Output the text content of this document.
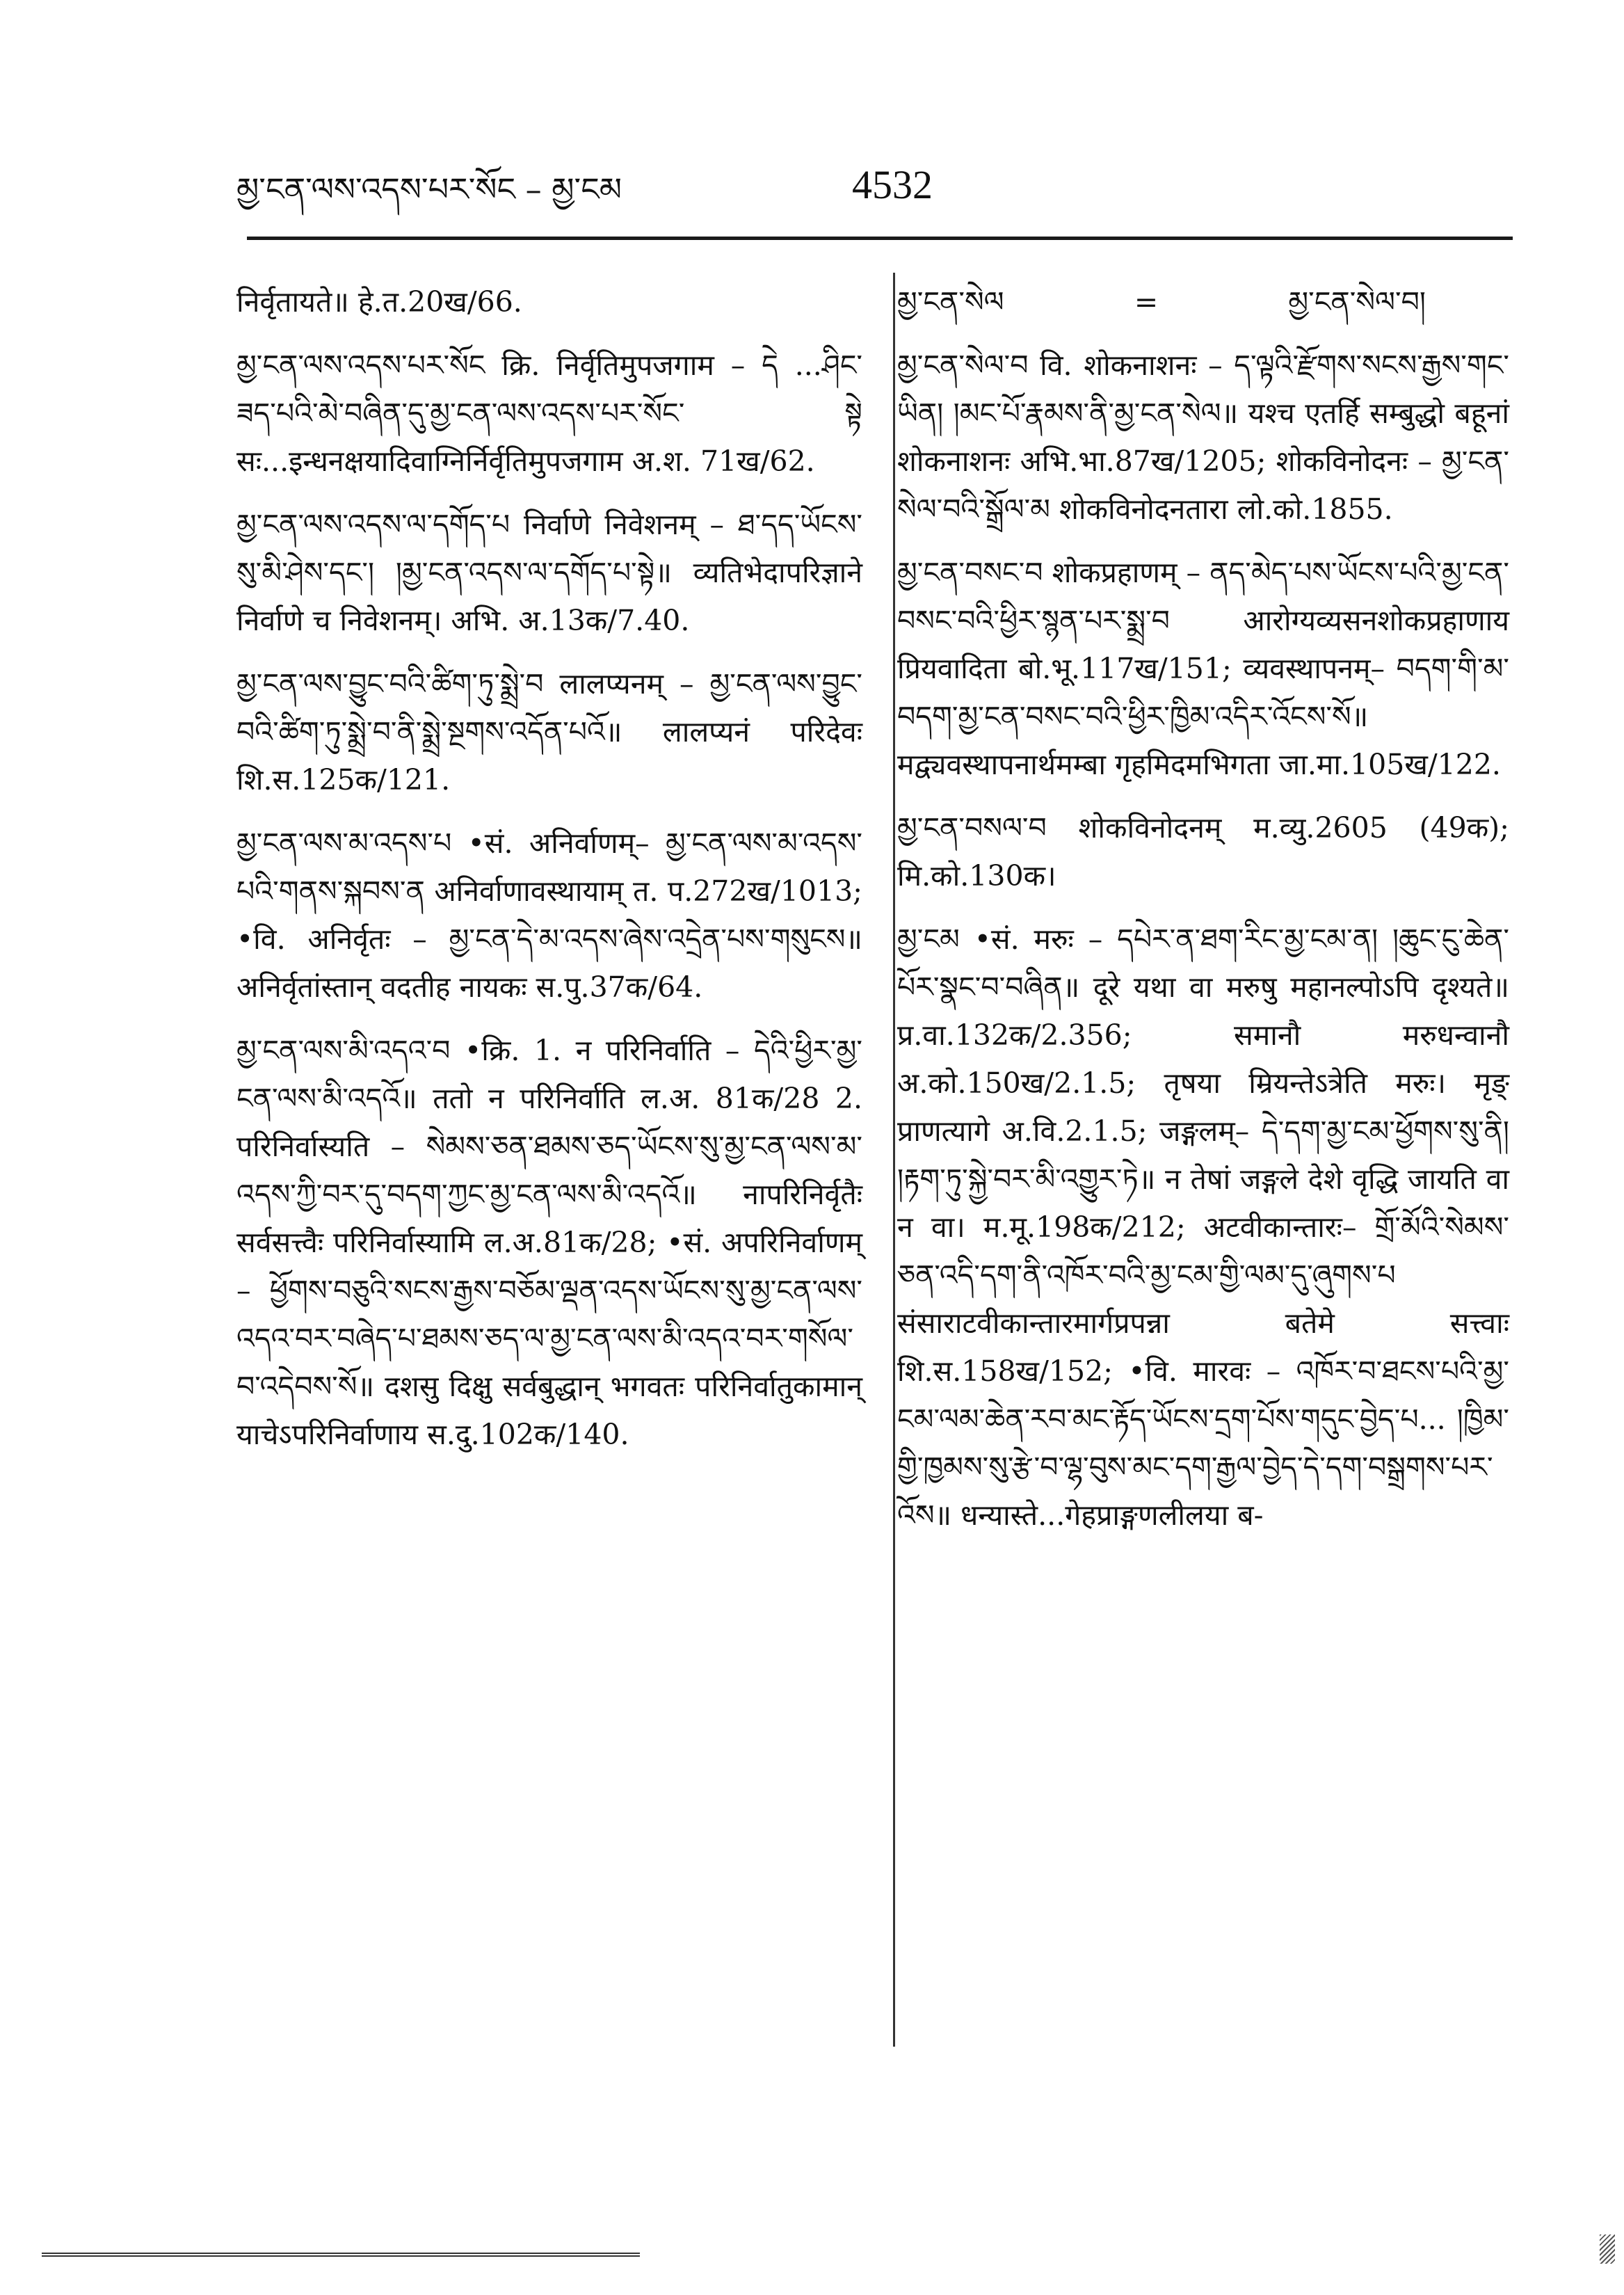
མྱ་ངན་ལས་འདས་པར་སོང – མྱ་ངམ	4532

निर्वृतायते॥ हे.त.20ख/66.

མྱ་ངན་ལས་འདས་པར་སོང क्रि. निर्वृतिमुपजगाम – དེ ...ཤིང་ཟད་པའི་མེ་བཞིན་དུ་མྱ་ངན་ལས་འདས་པར་སོང་ སྟེ सः...इन्धनक्षयादिवाग्निर्निर्वृतिमुपजगाम अ.श. 71ख/62.

མྱ་ངན་ལས་འདས་ལ་དགོད་པ निर्वाणे निवेशनम् – ཐ་དད་ཡོངས་སུ་མི་ཤེས་དང་། །མྱ་ངན་འདས་ལ་དགོད་པ་སྟེ॥ व्यतिभेदापरिज्ञाने निर्वाणे च निवेशनम्। अभि. अ.13क/7.40.

མྱ་ངན་ལས་བྱུང་བའི་ཚིག་ཏུ་སྨྲེ་བ लालप्यनम् – མྱ་ངན་ལས་བྱུང་བའི་ཚིག་ཏུ་སྨྲེ་བ་ནི་སྨྲེ་སྔགས་འདོན་པའོ॥ लालप्यनं परिदेवः शि.स.125क/121.

མྱ་ངན་ལས་མ་འདས་པ •सं. अनिर्वाणम्– མྱ་ངན་ལས་མ་འདས་པའི་གནས་སྐབས་ན अनिर्वाणावस्थायाम् त. प.272ख/1013; •वि. अनिर्वृतः – མྱ་ངན་དེ་མ་འདས་ཞེས་འདྲེན་པས་གསུངས॥ अनिर्वृतांस्तान् वदतीह नायकः स.पु.37क/64.

མྱ་ངན་ལས་མི་འདའ་བ •क्रि. 1. न परिनिर्वाति – དེའི་ཕྱིར་མྱ་ངན་ལས་མི་འདའོ॥ ततो न परिनिर्वाति ल.अ. 81क/28 2. परिनिर्वास्यति – སེམས་ཅན་ཐམས་ཅད་ཡོངས་སུ་མྱ་ངན་ལས་མ་འདས་ཀྱི་བར་དུ་བདག་ཀྱང་མྱ་ངན་ལས་མི་འདའོ॥ नापरिनिर्वृतैः सर्वसत्त्वैः परिनिर्वास्यामि ल.अ.81क/28; •सं. अपरिनिर्वाणम् – ཕྱོགས་བཅུའི་སངས་རྒྱས་བཅོམ་ལྡན་འདས་ཡོངས་སུ་མྱ་ངན་ལས་འདའ་བར་བཞེད་པ་ཐམས་ཅད་ལ་མྱ་ངན་ལས་མི་འདའ་བར་གསོལ་བ་འདེབས་སོ॥ दशसु दिक्षु सर्वबुद्धान् भगवतः परिनिर्वातुकामान् याचेऽपरिनिर्वाणाय स.दु.102क/140.

མྱ་ངན་སེལ	=	མྱ་ངན་སེལ་བ།

མྱ་ངན་སེལ་བ वि. शोकनाशनः – ད་ལྟའི་རྫོགས་སངས་རྒྱས་གང་ཡིན། །མང་པོ་རྣམས་ནི་མྱ་ངན་སེལ॥ यश्च एतर्हि सम्बुद्धो बहूनां शोकनाशनः अभि.भा.87ख/1205; शोकविनोदनः – མྱ་ངན་སེལ་བའི་སྒྲོལ་མ शोकविनोदनतारा लो.को.1855.

མྱ་ངན་བསང་བ शोकप्रहाणम् – ནད་མེད་པས་ཡོངས་པའི་མྱ་ངན་བསང་བའི་ཕྱིར་སྙན་པར་སྨྲ་བ आरोग्यव्यसनशोकप्रहाणाय प्रियवादिता बो.भू.117ख/151; व्यवस्थापनम्– བདག་གི་མ་བདག་མྱ་ངན་བསང་བའི་ཕྱིར་ཁྱིམ་འདིར་འོངས་སོ॥ मद्व्यवस्थापनार्थमम्बा गृहमिदमभिगता जा.मा.105ख/122.

མྱ་ངན་བསལ་བ शोकविनोदनम् म.व्यु.2605 (49क); मि.को.130क।

མྱ་ངམ •सं. मरुः – དཔེར་ན་ཐག་རིང་མྱ་ངམ་ན། །ཆུང་ངུ་ཆེན་པོར་སྣང་བ་བཞིན॥ दूरे यथा वा मरुषु महानल्पोऽपि दृश्यते॥ प्र.वा.132क/2.356; समानौ मरुधन्वानौ अ.को.150ख/2.1.5; तृषया म्रियन्तेऽत्रेति मरुः। मृङ् प्राणत्यागे अ.वि.2.1.5; जङ्गलम्– དེ་དག་མྱ་ངམ་ཕྱོགས་སུ་ནི། །རྟག་ཏུ་སྐྱེ་བར་མི་འགྱུར་ཏེ॥ न तेषां जङ्गले देशे वृद्धि जायति वा न वा। म.मू.198क/212; अटवीकान्तारः– གྲོ་མོའི་སེམས་ཅན་འདི་དག་ནི་འཁོར་བའི་མྱ་ངམ་གྱི་ལམ་དུ་ཞུགས་པ संसाराटवीकान्तारमार्गप्रपन्ना बतेमे सत्त्वाः शि.स.158ख/152; •वि. मारवः – འཁོར་བ་ཐངས་པའི་མྱ་ངམ་ལམ་ཆེན་རབ་མང་རྟོད་ཡོངས་དྲག་པོས་གདུང་བྱེད་པ... །ཁྱིམ་གྱི་ཁྱམས་སུ་རྩེ་བ་ལྷ་བུས་མང་དག་རྒྱལ་བྱེད་དེ་དག་བསྒྲགས་པར་འོས॥ धन्यास्ते...गेहप्राङ्गणलीलया ब-
